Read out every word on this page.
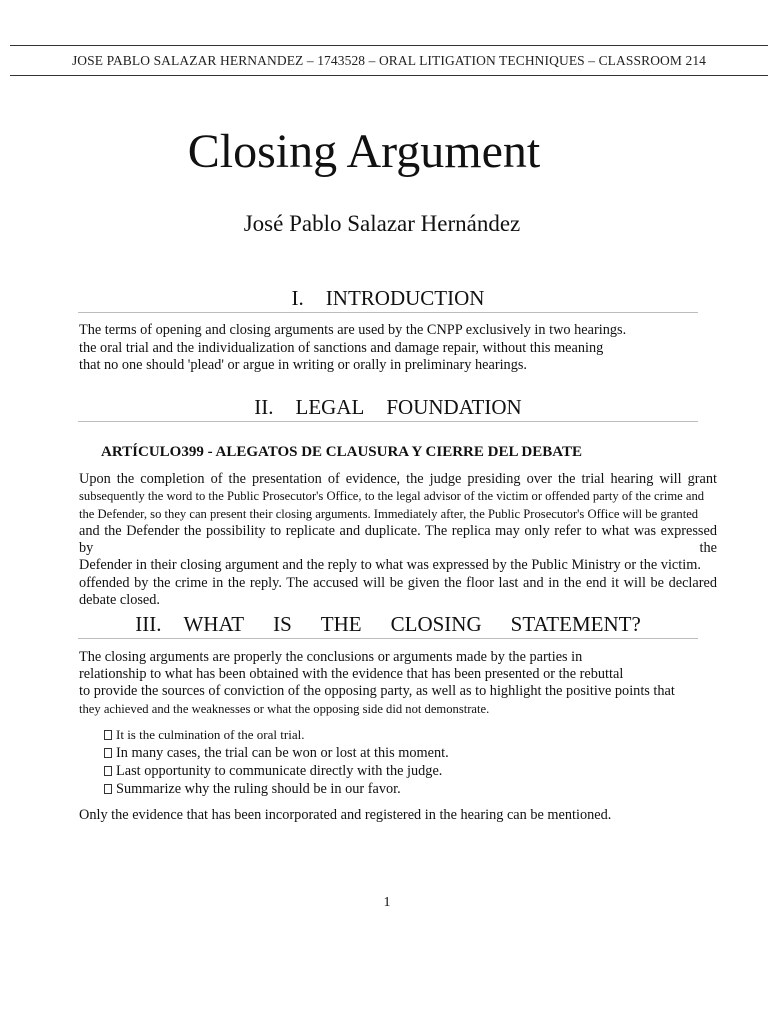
JOSE PABLO SALAZAR HERNANDEZ – 1743528 – ORAL LITIGATION TECHNIQUES – CLASSROOM 214
Closing Argument
José Pablo Salazar Hernández
I. INTRODUCTION
The terms of opening and closing arguments are used by the CNPP exclusively in two hearings.
the oral trial and the individualization of sanctions and damage repair, without this meaning
that no one should 'plead' or argue in writing or orally in preliminary hearings.
II. LEGAL FOUNDATION
ARTÍCULO399 - ALEGATOS DE CLAUSURA Y CIERRE DEL DEBATE
Upon the completion of the presentation of evidence, the judge presiding over the trial hearing will grant
subsequently the word to the Public Prosecutor's Office, to the legal advisor of the victim or offended party of the crime and
the Defender, so they can present their closing arguments. Immediately after, the Public Prosecutor's Office will be granted
and the Defender the possibility to replicate and duplicate. The replica may only refer to what was expressed by the
Defender in their closing argument and the reply to what was expressed by the Public Ministry or the victim.
offended by the crime in the reply. The accused will be given the floor last and in the end it will be declared
debate closed.
III. WHAT IS THE CLOSING STATEMENT?
The closing arguments are properly the conclusions or arguments made by the parties in
relationship to what has been obtained with the evidence that has been presented or the rebuttal
to provide the sources of conviction of the opposing party, as well as to highlight the positive points that
they achieved and the weaknesses or what the opposing side did not demonstrate.
It is the culmination of the oral trial.
In many cases, the trial can be won or lost at this moment.
Last opportunity to communicate directly with the judge.
Summarize why the ruling should be in our favor.
Only the evidence that has been incorporated and registered in the hearing can be mentioned.
1
